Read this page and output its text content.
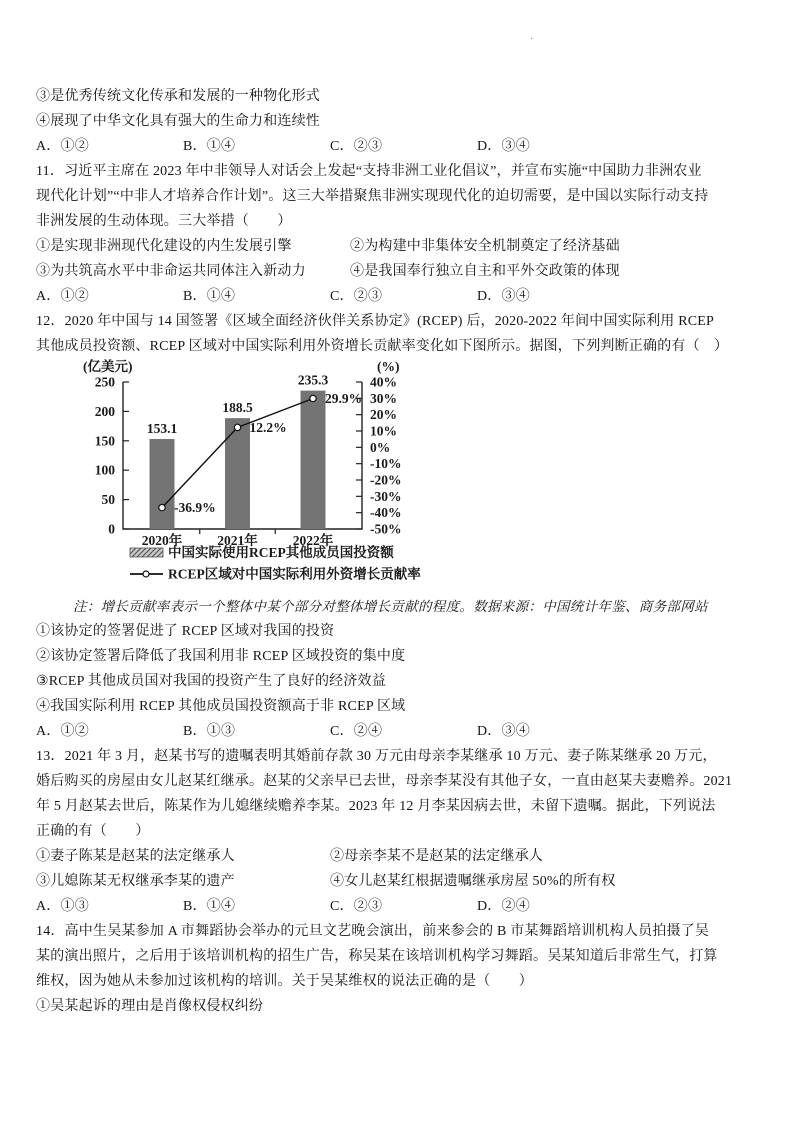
.
③是优秀传统文化传承和发展的一种物化形式
④展现了中华文化具有强大的生命力和连续性
A．①②	B．①④	C．②③	D．③④
11．习近平主席在 2023 年中非领导人对话会上发起“支持非洲工业化倡议”，并宣布实施“中国助力非洲农业
现代化计划”“中非人才培养合作计划”。这三大举措聚焦非洲实现现代化的迫切需要，是中国以实际行动支持
非洲发展的生动体现。三大举措（　　）
①是实现非洲现代化建设的内生发展引擎	②为构建中非集体安全机制奠定了经济基础
③为共筑高水平中非命运共同体注入新动力	④是我国奉行独立自主和平外交政策的体现
A．①②	B．①④	C．②③	D．③④
12．2020 年中国与 14 国签署《区域全面经济伙伴关系协定》(RCEP) 后，2020-2022 年间中国实际利用 RCEP
其他成员投资额、RCEP 区域对中国实际利用外资增长贡献率变化如下图所示。据图，下列判断正确的有（　）
0
50
100
150
200
250	40%
30%
20%
10%
0%
-10%
-20%
-30%
-40%
-50%
(亿美元)	(%)
2020年	2021年	2022年
153.1
188.5
235.3
-36.9%
12.2%
29.9%
中国实际使用RCEP其他成员国投资额
RCEP区域对中国实际利用外资增长贡献率
注：增长贡献率表示一个整体中某个部分对整体增长贡献的程度。数据来源：中国统计年鉴、商务部网站
①该协定的签署促进了 RCEP 区域对我国的投资
②该协定签署后降低了我国利用非 RCEP 区域投资的集中度
③RCEP 其他成员国对我国的投资产生了良好的经济效益
④我国实际利用 RCEP 其他成员国投资额高于非 RCEP 区域
A．①②	B．①③	C．②④	D．③④
13．2021 年 3 月，赵某书写的遗嘱表明其婚前存款 30 万元由母亲李某继承 10 万元、妻子陈某继承 20 万元，
婚后购买的房屋由女儿赵某红继承。赵某的父亲早已去世，母亲李某没有其他子女，一直由赵某夫妻赡养。2021
年 5 月赵某去世后，陈某作为儿媳继续赡养李某。2023 年 12 月李某因病去世，未留下遗嘱。据此，下列说法
正确的有（　　）
①妻子陈某是赵某的法定继承人	②母亲李某不是赵某的法定继承人
③儿媳陈某无权继承李某的遗产	④女儿赵某红根据遗嘱继承房屋 50%的所有权
A．①③	B．①④	C．②③	D．②④
14．高中生吴某参加 A 市舞蹈协会举办的元旦文艺晚会演出，前来参会的 B 市某舞蹈培训机构人员拍摄了吴
某的演出照片，之后用于该培训机构的招生广告，称吴某在该培训机构学习舞蹈。吴某知道后非常生气，打算
维权，因为她从未参加过该机构的培训。关于吴某维权的说法正确的是（　　）
①吴某起诉的理由是肖像权侵权纠纷
